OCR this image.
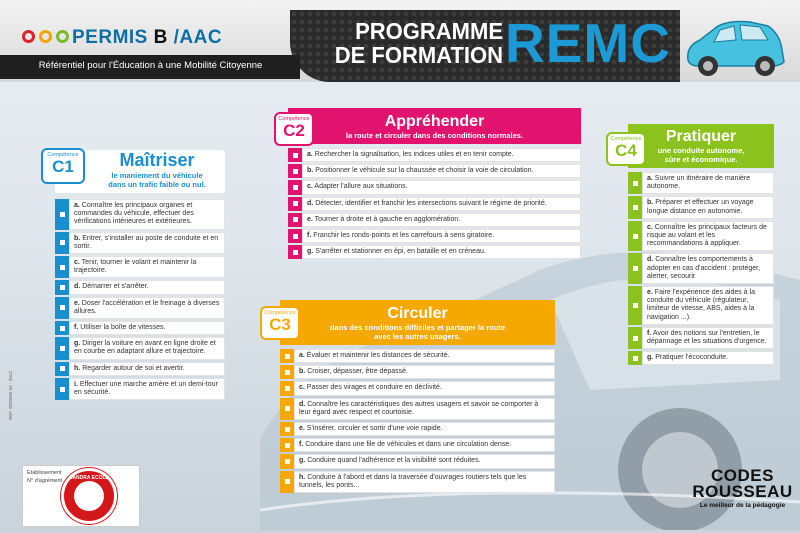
PERMIS B /AAC
Référentiel pour l'Éducation à une Mobilité Citoyenne
PROGRAMME
DE FORMATION REMC
Compétence
C1	Maîtriser
le maniement du véhicule
dans un trafic faible ou nul.
a. Connaître les principaux organes et commandes du véhicule, effectuer des vérifications intérieures et extérieures.
b. Entrer, s'installer au poste de conduite et en sortir.
c. Tenir, tourner le volant et maintenir la trajectoire.
d. Démarrer et s'arrêter.
e. Doser l'accélération et le freinage à diverses allures.
f. Utiliser la boîte de vitesses.
g. Diriger la voiture en avant en ligne droite et en courbe en adaptant allure et trajectoire.
h. Regarder autour de soi et avertir.
i. Effectuer une marche arrière et un demi-tour en sécurité.
Compétence
C2	Appréhender
la route et circuler dans des conditions normales.
a. Rechercher la signalisation, les indices utiles et en tenir compte.
b. Positionner le véhicule sur la chaussée et choisir la voie de circulation.
c. Adapter l'allure aux situations.
d. Détecter, identifier et franchir les intersections suivant le régime de priorité.
e. Tourner à droite et à gauche en agglomération.
f. Franchir les ronds-points et les carrefours à sens giratoire.
g. S'arrêter et stationner en épi, en bataille et en créneau.
Compétence
C3
Circuler
dans des conditions difficiles et partager la route
avec les autres usagers.
a. Évaluer et maintenir les distances de sécurité.
b. Croiser, dépasser, être dépassé.
c. Passer des virages et conduire en déclivité.
d. Connaître les caractéristiques des autres usagers et savoir se comporter à leur égard avec respect et courtoisie.
e. S'insérer, circuler et sortir d'une voie rapide.
f. Conduire dans une file de véhicules et dans une circulation dense.
g. Conduire quand l'adhérence et la visibilité sont réduites.
h. Conduire à l'abord et dans la traversée d'ouvrages routiers tels que les tunnels, les ponts...
Compétence
C4
Pratiquer
une conduite autonome,
sûre et économique.
a. Suivre un itinéraire de manière autonome.
b. Préparer et effectuer un voyage longue distance en autonomie.
c. Connaître les principaux facteurs de risque au volant et les recommandations à appliquer.
d. Connaître les comportements à adopter en cas d'accident : protéger, alerter, secourir.
e. Faire l'expérience des aides à la conduite du véhicule (régulateur, limiteur de vitesse, ABS, aides à la navigation ...).
f. Avoir des notions sur l'entretien, le dépannage et les situations d'urgence.
g. Pratiquer l'écoconduite.
REF. 9020605 04 - 2013
Etablissement
N° d'agrément	SANDRA ECOLE	CODES
ROUSSEAU
Le meilleur de la pédagogie
